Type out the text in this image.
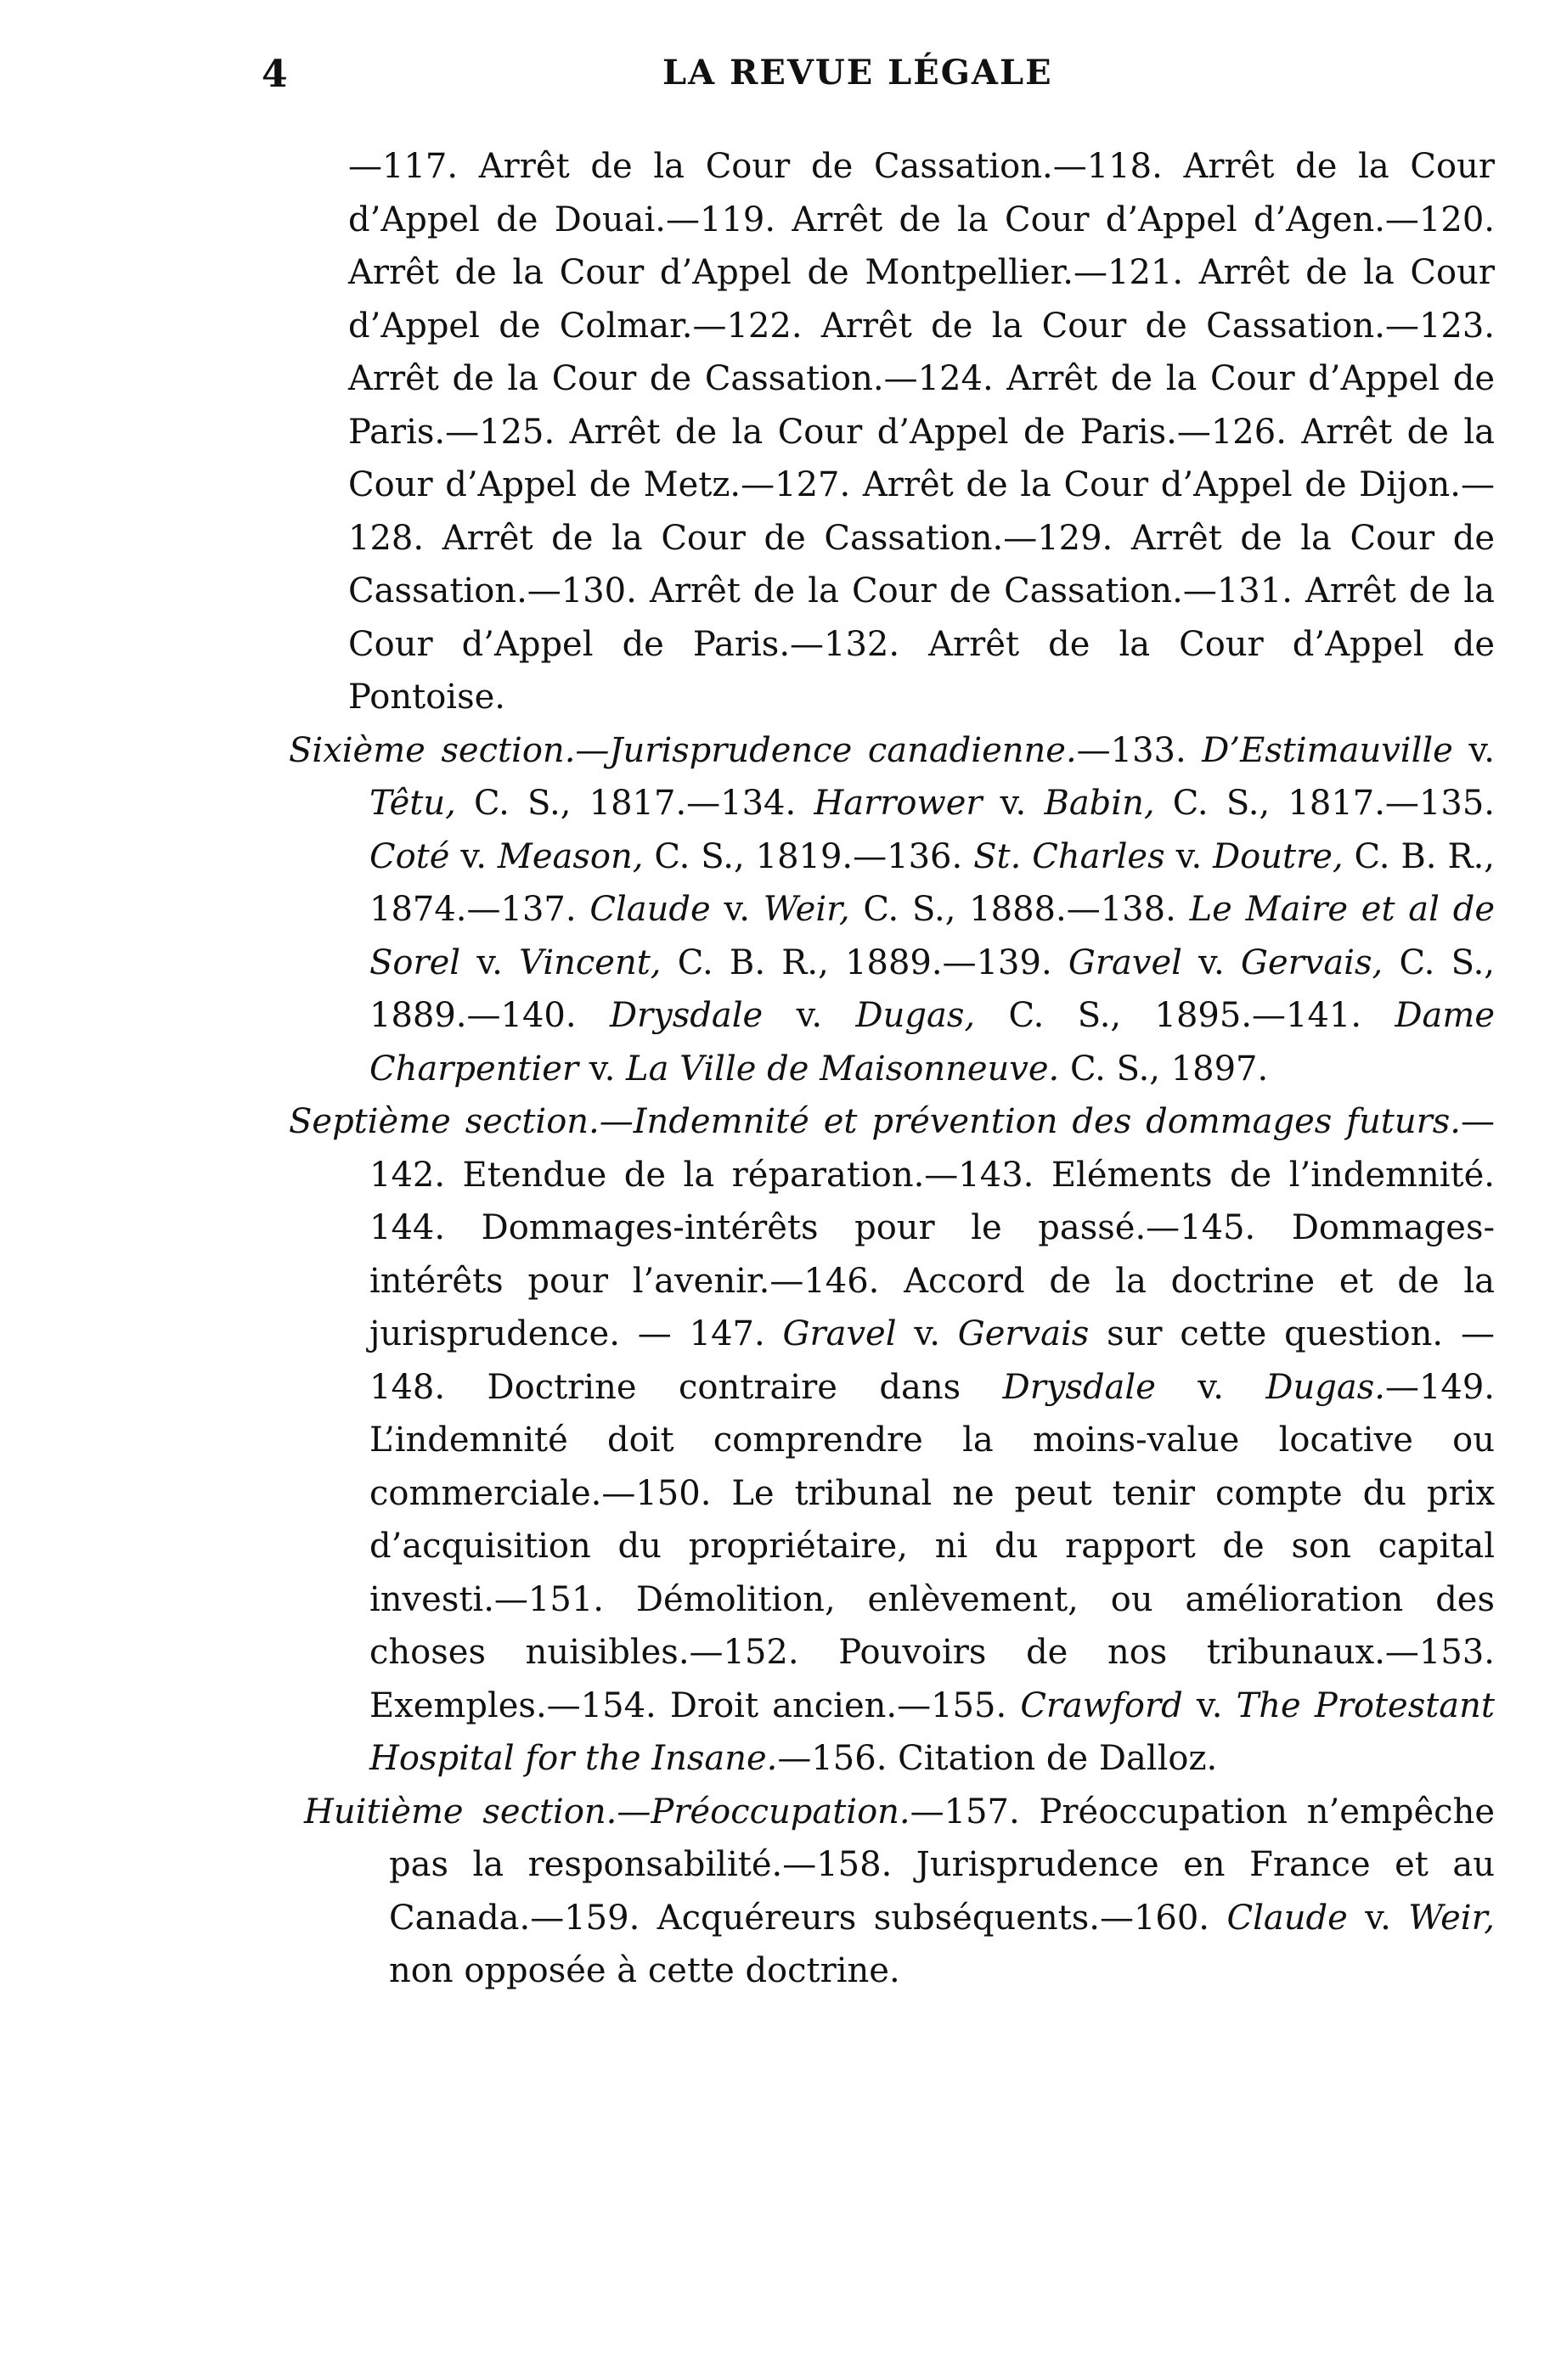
4	LA REVUE LÉGALE

—117. Arrêt de la Cour de Cassation.—118. Arrêt de la Cour d’Appel de Douai.—119. Arrêt de la Cour d’Appel d’Agen.—120. Arrêt de la Cour d’Appel de Montpellier.—121. Arrêt de la Cour d’Appel de Colmar.—122. Arrêt de la Cour de Cassation.—123. Arrêt de la Cour de Cassation.—124. Arrêt de la Cour d’Appel de Paris.—125. Arrêt de la Cour d’Appel de Paris.—126. Arrêt de la Cour d’Appel de Metz.—127. Arrêt de la Cour d’Appel de Dijon.—128. Arrêt de la Cour de Cassation.—129. Arrêt de la Cour de Cassation.—130. Arrêt de la Cour de Cassation.—131. Arrêt de la Cour d’Appel de Paris.—132. Arrêt de la Cour d’Appel de Pontoise.

Sixième section.—Jurisprudence canadienne.—133. D’Estimauville v. Têtu, C. S., 1817.—134. Harrower v. Babin, C. S., 1817.—135. Coté v. Meason, C. S., 1819.—136. St. Charles v. Doutre, C. B. R., 1874.—137. Claude v. Weir, C. S., 1888.—138. Le Maire et al de Sorel v. Vincent, C. B. R., 1889.—139. Gravel v. Gervais, C. S., 1889.—140. Drysdale v. Dugas, C. S., 1895.—141. Dame Charpentier v. La Ville de Maisonneuve. C. S., 1897.

Septième section.—Indemnité et prévention des dommages futurs.—142. Etendue de la réparation.—143. Eléments de l’indemnité. 144. Dommages-intérêts pour le passé.—145. Dommages-intérêts pour l’avenir.—146. Accord de la doctrine et de la jurisprudence. — 147. Gravel v. Gervais sur cette question. — 148. Doctrine contraire dans Drysdale v. Dugas.—149. L’indemnité doit comprendre la moins-value locative ou commerciale.—150. Le tribunal ne peut tenir compte du prix d’acquisition du propriétaire, ni du rapport de son capital investi.—151. Démolition, enlèvement, ou amélioration des choses nuisibles.—152. Pouvoirs de nos tribunaux.—153. Exemples.—154. Droit ancien.—155. Crawford v. The Protestant Hospital for the Insane.—156. Citation de Dalloz.

Huitième section.—Préoccupation.—157. Préoccupation n’empêche pas la responsabilité.—158. Jurisprudence en France et au Canada.—159. Acquéreurs subséquents.—160. Claude v. Weir, non opposée à cette doctrine.
